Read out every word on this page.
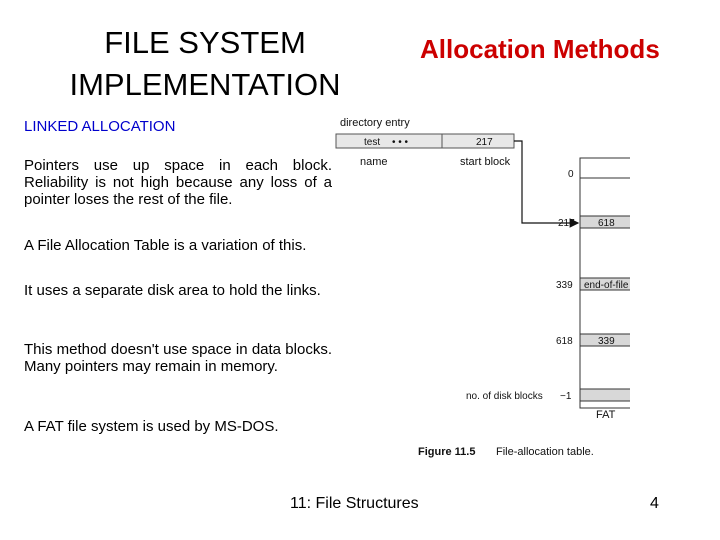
FILE SYSTEM IMPLEMENTATION
Allocation Methods
LINKED ALLOCATION
Pointers use up space in each block. Reliability is not high because any loss of a pointer loses the rest of the file.
A File Allocation Table is a variation of this.
It uses a separate disk area to hold the links.
This method doesn't use space in data blocks. Many pointers may remain in memory.
A FAT file system is used by MS-DOS.
directory entry
test • • •	217
name	start block
0
217 618
339 end-of-file
618	339
no. of disk blocks −1
FAT
Figure 11.5 File-allocation table.
11: File Structures	4
